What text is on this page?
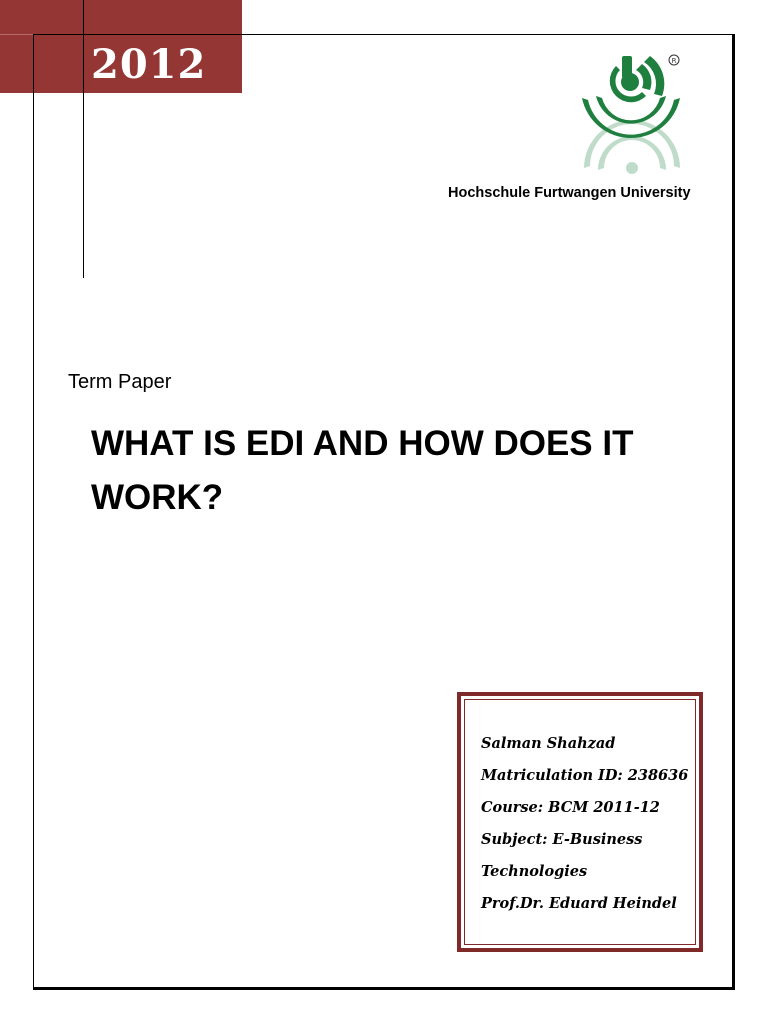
2012	R
Hochschule Furtwangen University
Term Paper
WHAT IS EDI AND HOW DOES IT WORK?
Salman Shahzad
Matriculation ID: 238636
Course: BCM 2011-12
Subject: E-Business
Technologies
Prof.Dr. Eduard Heindel
